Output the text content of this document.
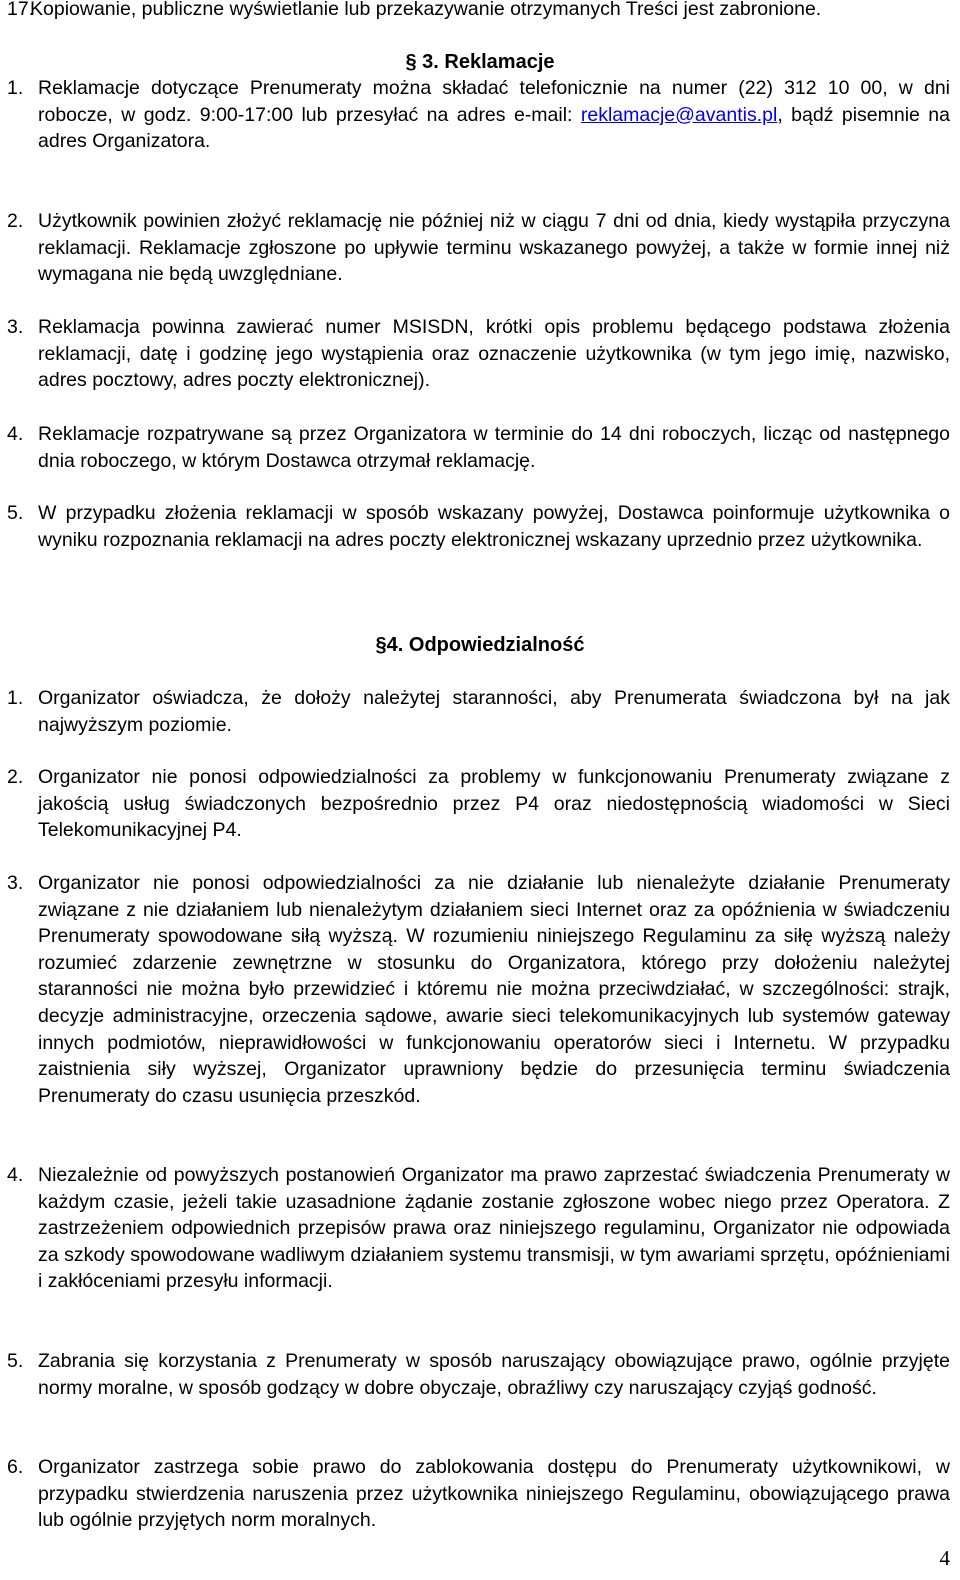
17.
Kopiowanie, publiczne wyświetlanie lub przekazywanie otrzymanych Treści jest zabronione.
§ 3. Reklamacje
1. Reklamacje dotyczące Prenumeraty można składać telefonicznie na numer (22) 312 10 00, w dni robocze, w godz. 9:00-17:00 lub przesyłać na adres e-mail: reklamacje@avantis.pl, bądź pisemnie na adres Organizatora.
2. Użytkownik powinien złożyć reklamację nie później niż w ciągu 7 dni od dnia, kiedy wystąpiła przyczyna reklamacji. Reklamacje zgłoszone po upływie terminu wskazanego powyżej, a także w formie innej niż wymagana nie będą uwzględniane.
3. Reklamacja powinna zawierać numer MSISDN, krótki opis problemu będącego podstawa złożenia reklamacji, datę i godzinę jego wystąpienia oraz oznaczenie użytkownika (w tym jego imię, nazwisko, adres pocztowy, adres poczty elektronicznej).
4. Reklamacje rozpatrywane są przez Organizatora w terminie do 14 dni roboczych, licząc od następnego dnia roboczego, w którym Dostawca otrzymał reklamację.
5. W przypadku złożenia reklamacji w sposób wskazany powyżej, Dostawca poinformuje użytkownika o wyniku rozpoznania reklamacji na adres poczty elektronicznej wskazany uprzednio przez użytkownika.
§4. Odpowiedzialność
1. Organizator oświadcza, że dołoży należytej staranności, aby Prenumerata świadczona był na jak najwyższym poziomie.
2. Organizator nie ponosi odpowiedzialności za problemy w funkcjonowaniu Prenumeraty związane z jakością usług świadczonych bezpośrednio przez P4 oraz niedostępnością wiadomości w Sieci Telekomunikacyjnej P4.
3. Organizator nie ponosi odpowiedzialności za nie działanie lub nienależyte działanie Prenumeraty związane z nie działaniem lub nienależytym działaniem sieci Internet oraz za opóźnienia w świadczeniu Prenumeraty spowodowane siłą wyższą. W rozumieniu niniejszego Regulaminu za siłę wyższą należy rozumieć zdarzenie zewnętrzne w stosunku do Organizatora, którego przy dołożeniu należytej staranności nie można było przewidzieć i któremu nie można przeciwdziałać, w szczególności: strajk, decyzje administracyjne, orzeczenia sądowe, awarie sieci telekomunikacyjnych lub systemów gateway innych podmiotów, nieprawidłowości w funkcjonowaniu operatorów sieci i Internetu. W przypadku zaistnienia siły wyższej, Organizator uprawniony będzie do przesunięcia terminu świadczenia Prenumeraty do czasu usunięcia przeszkód.
4. Niezależnie od powyższych postanowień Organizator ma prawo zaprzestać świadczenia Prenumeraty w każdym czasie, jeżeli takie uzasadnione żądanie zostanie zgłoszone wobec niego przez Operatora. Z zastrzeżeniem odpowiednich przepisów prawa oraz niniejszego regulaminu, Organizator nie odpowiada za szkody spowodowane wadliwym działaniem systemu transmisji, w tym awariami sprzętu, opóźnieniami i zakłóceniami przesyłu informacji.
5. Zabrania się korzystania z Prenumeraty w sposób naruszający obowiązujące prawo, ogólnie przyjęte normy moralne, w sposób godzący w dobre obyczaje, obraźliwy czy naruszający czyjąś godność.
6. Organizator zastrzega sobie prawo do zablokowania dostępu do Prenumeraty użytkownikowi, w przypadku stwierdzenia naruszenia przez użytkownika niniejszego Regulaminu, obowiązującego prawa lub ogólnie przyjętych norm moralnych.
4
